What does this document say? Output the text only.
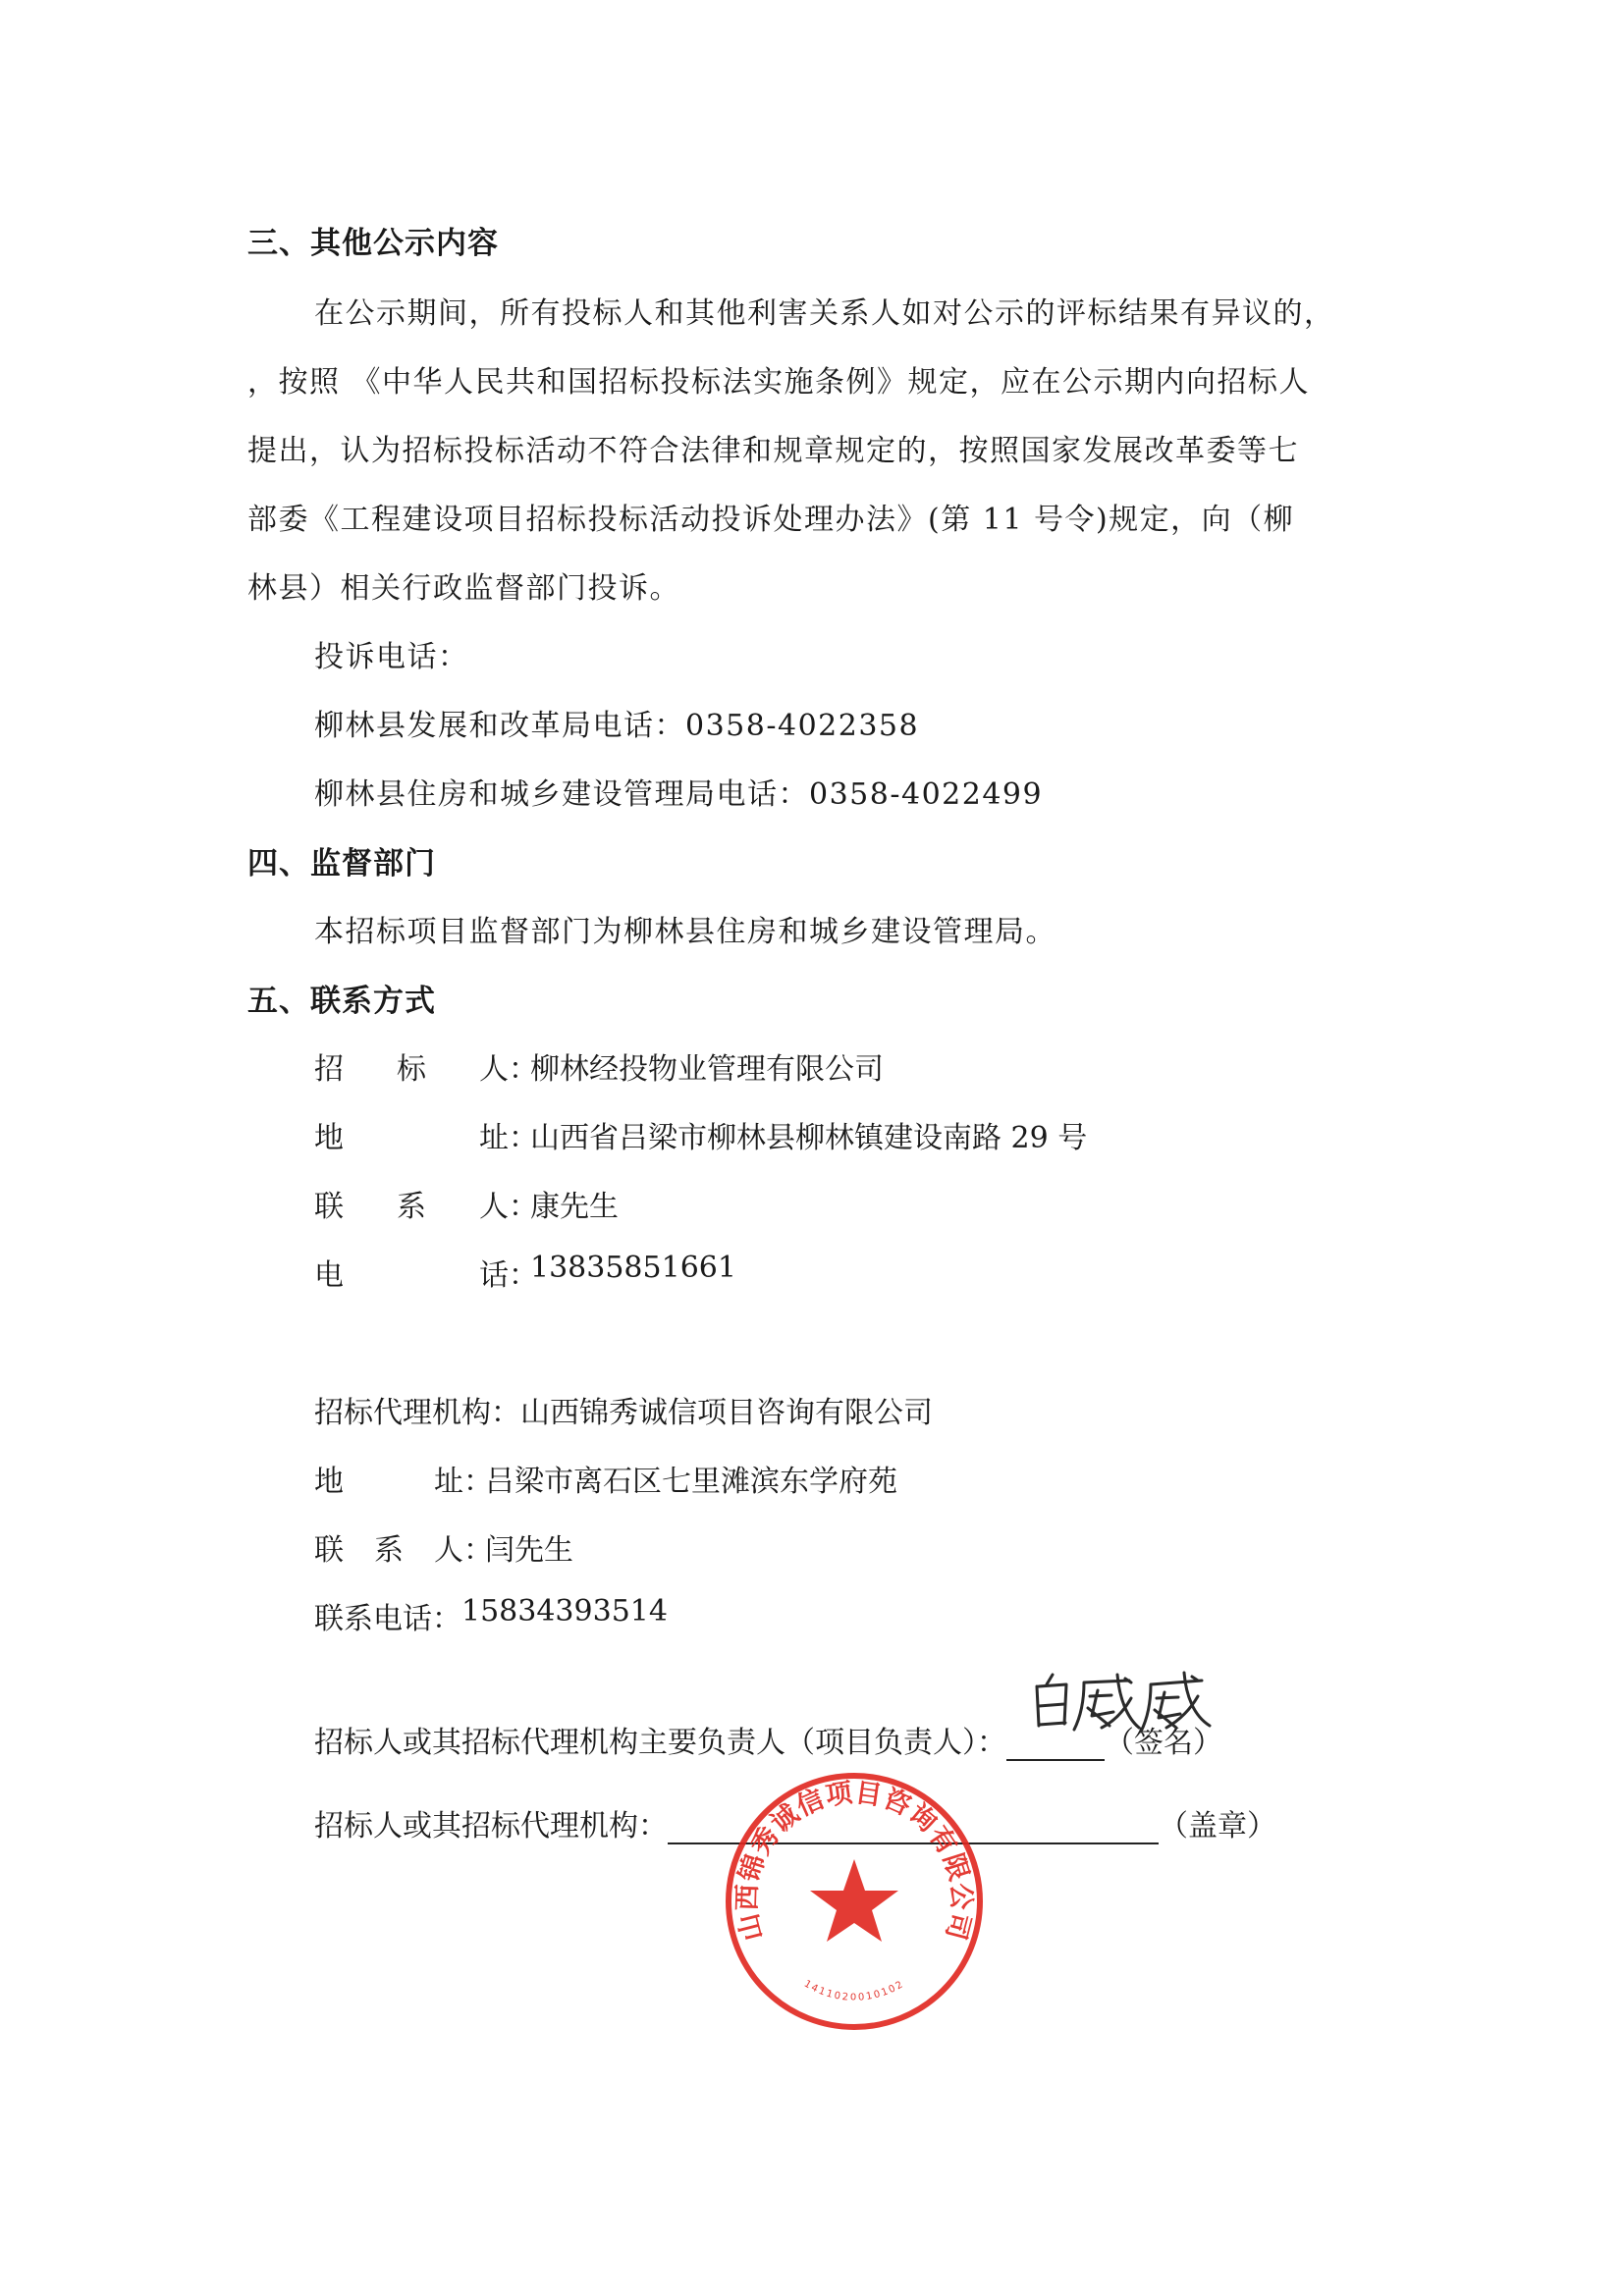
三、其他公示内容
在公示期间，所有投标人和其他利害关系人如对公示的评标结果有异议的，
，按照 《中华人民共和国招标投标法实施条例》规定，应在公示期内向招标人
提出，认为招标投标活动不符合法律和规章规定的，按照国家发展改革委等七
部委《工程建设项目招标投标活动投诉处理办法》(第 11 号令)规定，向（柳
林县）相关行政监督部门投诉。
投诉电话：
柳林县发展和改革局电话：0358-4022358
柳林县住房和城乡建设管理局电话：0358-4022499
四、监督部门
本招标项目监督部门为柳林县住房和城乡建设管理局。
五、联系方式
招 标 人 ：
柳林经投物业管理有限公司
地	址 ：
山西省吕梁市柳林县柳林镇建设南路 29 号
联 系 人 ：
康先生
电	话 ：
13835851661
招标代理机构： 山西锦秀诚信项目咨询有限公司
地	址 ：
吕梁市离石区七里滩滨东学府苑
联 系 人 ：
闫先生
联系电话： 15834393514
招标人或其招标代理机构主要负责人（项目负责人）：	（签名）
招标人或其招标代理机构：	（盖章）
山西锦秀诚信项目咨询有限公司
1411020010102
